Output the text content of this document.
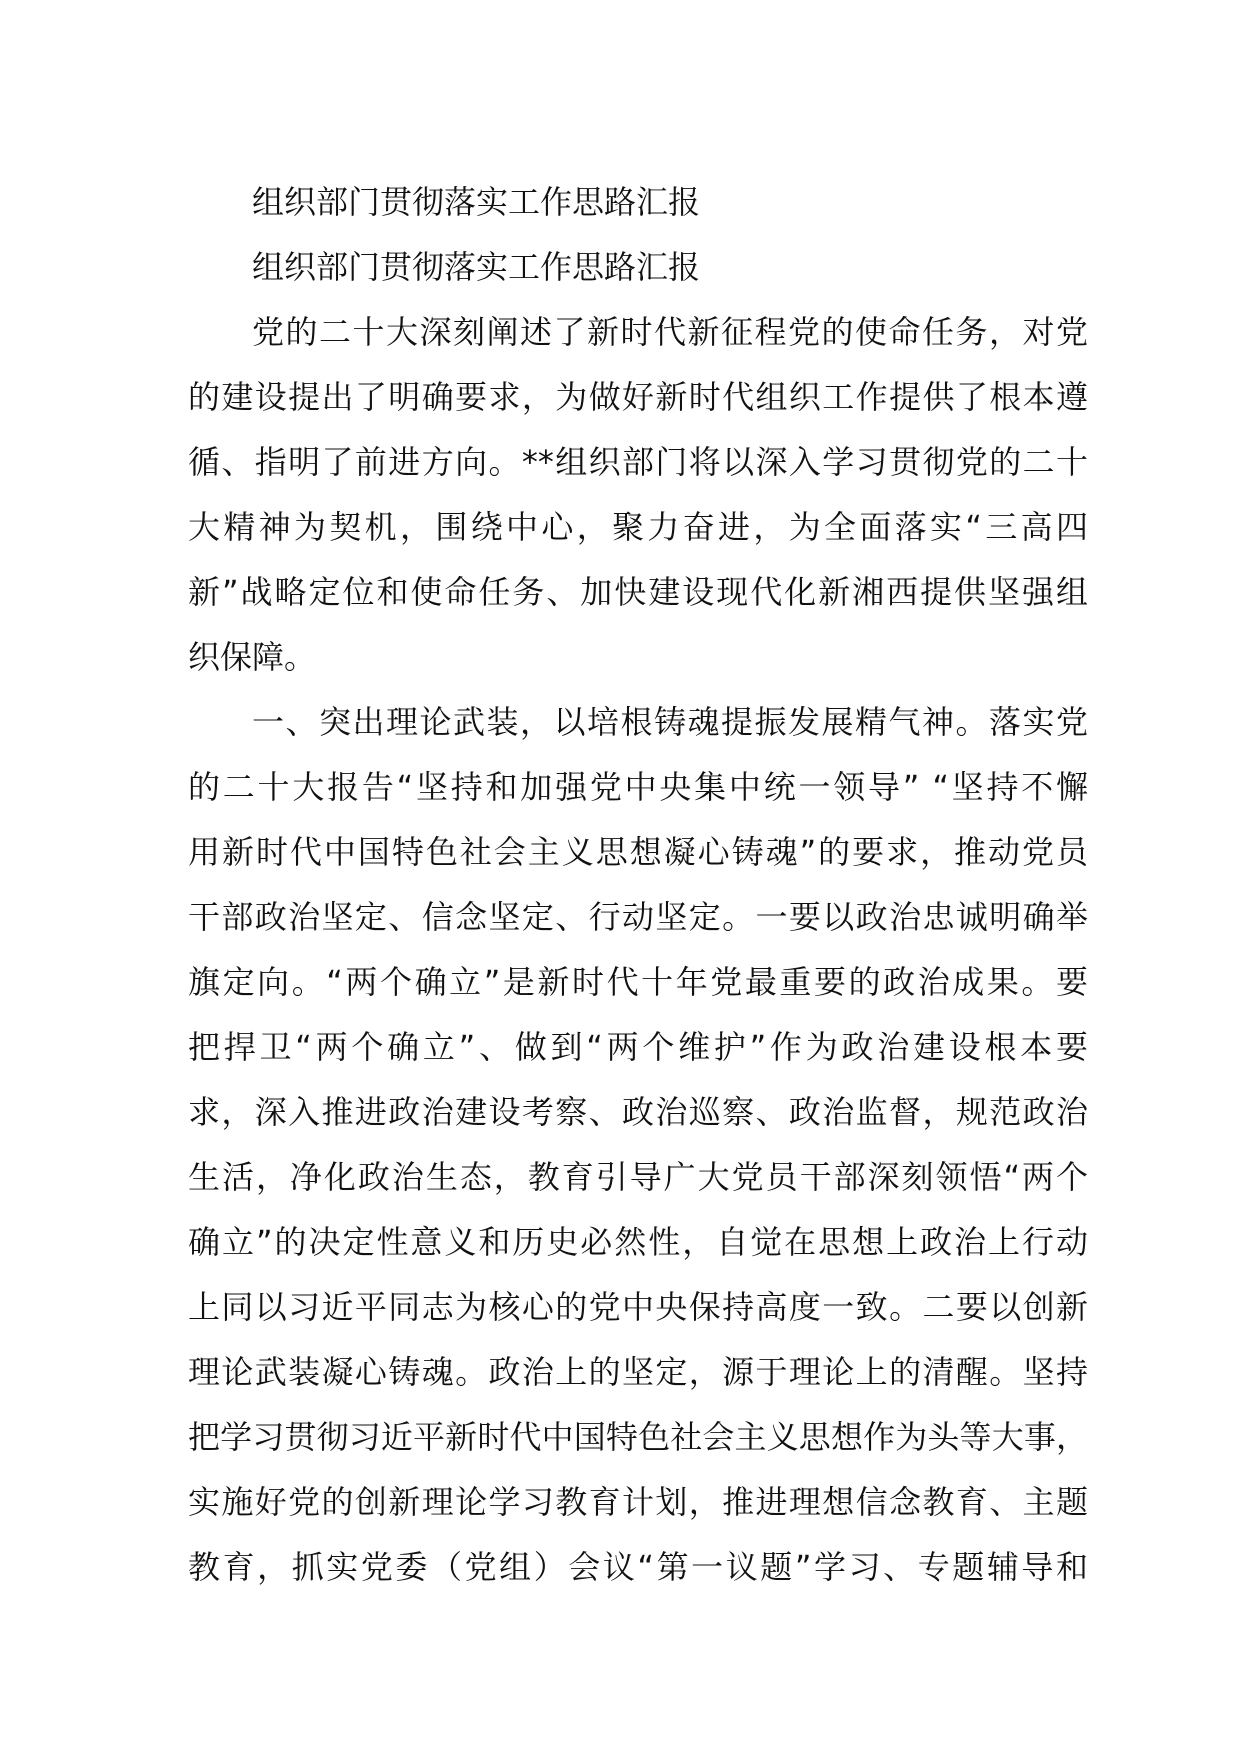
组织部门贯彻落实工作思路汇报
组织部门贯彻落实工作思路汇报
党的二十大深刻阐述了新时代新征程党的使命任务，对党
的建设提出了明确要求，为做好新时代组织工作提供了根本遵
循、指明了前进方向。**组织部门将以深入学习贯彻党的二十
大精神为契机，围绕中心，聚力奋进，为全面落实“三高四
新”战略定位和使命任务、加快建设现代化新湘西提供坚强组
织保障。
一、突出理论武装，以培根铸魂提振发展精气神。落实党
的二十大报告“坚持和加强党中央集中统一领导” “坚持不懈
用新时代中国特色社会主义思想凝心铸魂”的要求，推动党员
干部政治坚定、信念坚定、行动坚定。一要以政治忠诚明确举
旗定向。“两个确立”是新时代十年党最重要的政治成果。要
把捍卫“两个确立”、做到“两个维护”作为政治建设根本要
求，深入推进政治建设考察、政治巡察、政治监督，规范政治
生活，净化政治生态，教育引导广大党员干部深刻领悟“两个
确立”的决定性意义和历史必然性，自觉在思想上政治上行动
上同以习近平同志为核心的党中央保持高度一致。二要以创新
理论武装凝心铸魂。政治上的坚定，源于理论上的清醒。坚持
把学习贯彻习近平新时代中国特色社会主义思想作为头等大事，
实施好党的创新理论学习教育计划，推进理想信念教育、主题
教育，抓实党委（党组）会议“第一议题”学习、专题辅导和
